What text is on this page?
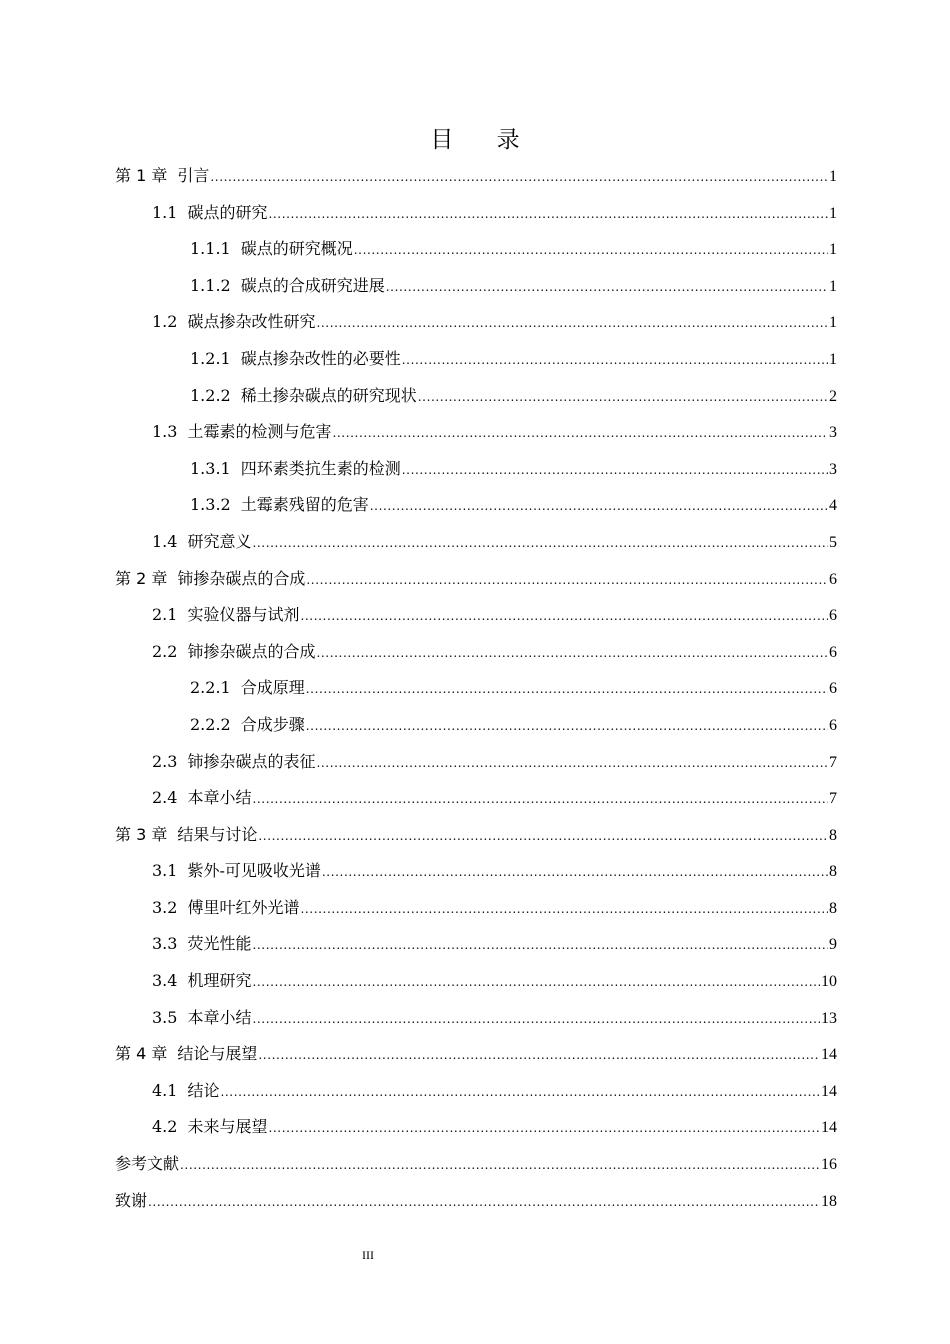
目 录
第 1 章 引言 .....	1
1.1 碳点的研究 .....	1
1.1.1 碳点的研究概况 .....	1
1.1.2 碳点的合成研究进展 .....	1
1.2 碳点掺杂改性研究 .....	1
1.2.1 碳点掺杂改性的必要性 .....	1
1.2.2 稀土掺杂碳点的研究现状 .....	2
1.3 土霉素的检测与危害 .....	3
1.3.1 四环素类抗生素的检测 .....	3
1.3.2 土霉素残留的危害 .....	4
1.4 研究意义 .....	5
第 2 章 铈掺杂碳点的合成 .....	6
2.1 实验仪器与试剂 .....	6
2.2 铈掺杂碳点的合成 .....	6
2.2.1 合成原理 .....	6
2.2.2 合成步骤 .....	6
2.3 铈掺杂碳点的表征 .....	7
2.4 本章小结 .....	7
第 3 章 结果与讨论 .....	8
3.1 紫外-可见吸收光谱 .....	8
3.2 傅里叶红外光谱 .....	8
3.3 荧光性能 .....	9
3.4 机理研究 .....	10
3.5 本章小结 .....	13
第 4 章 结论与展望 .....	14
4.1 结论 .....	14
4.2 未来与展望 .....	14
参考文献 .....	16
致谢 .....	18
III
